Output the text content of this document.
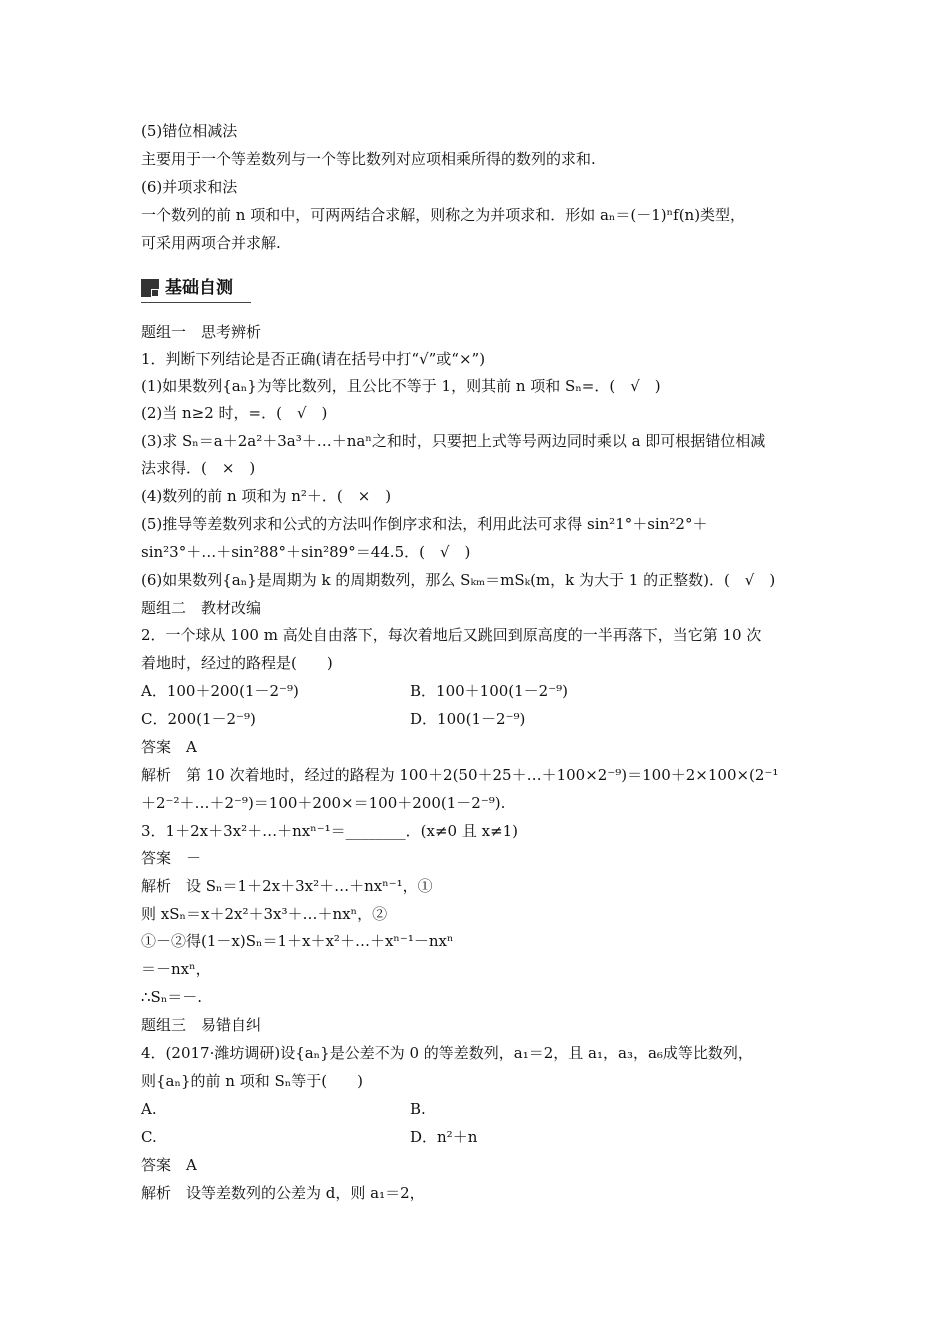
(5)错位相减法
主要用于一个等差数列与一个等比数列对应项相乘所得的数列的求和.
(6)并项求和法
一个数列的前 n 项和中，可两两结合求解，则称之为并项求和．形如 aₙ＝(－1)ⁿf(n)类型，
可采用两项合并求解.
基础自测
题组一　思考辨析
1．判断下列结论是否正确(请在括号中打“√”或“×”)
(1)如果数列{aₙ}为等比数列，且公比不等于 1，则其前 n 项和 Sₙ=．(　√　)
(2)当 n≥2 时，=．(　√　)
(3)求 Sₙ＝a＋2a²＋3a³＋…＋naⁿ之和时，只要把上式等号两边同时乘以 a 即可根据错位相减
法求得．(　×　)
(4)数列的前 n 项和为 n²＋．(　×　)
(5)推导等差数列求和公式的方法叫作倒序求和法，利用此法可求得 sin²1°＋sin²2°＋
sin²3°＋…＋sin²88°＋sin²89°＝44.5．(　√　)
(6)如果数列{aₙ}是周期为 k 的周期数列，那么 Sₖₘ＝mSₖ(m，k 为大于 1 的正整数)．(　√　)
题组二　教材改编
2．一个球从 100 m 高处自由落下，每次着地后又跳回到原高度的一半再落下，当它第 10 次
着地时，经过的路程是(　　)
A．100＋200(1－2⁻⁹)	B．100＋100(1－2⁻⁹)
C．200(1－2⁻⁹)	D．100(1－2⁻⁹)
答案　A
解析　第 10 次着地时，经过的路程为 100＋2(50＋25＋…＋100×2⁻⁹)＝100＋2×100×(2⁻¹
＋2⁻²＋…＋2⁻⁹)＝100＋200×＝100＋200(1－2⁻⁹).
3．1＋2x＋3x²＋…＋nxⁿ⁻¹＝________．(x≠0 且 x≠1)
答案　－
解析　设 Sₙ＝1＋2x＋3x²＋…＋nxⁿ⁻¹，①
则 xSₙ＝x＋2x²＋3x³＋…＋nxⁿ，②
①－②得(1－x)Sₙ＝1＋x＋x²＋…＋xⁿ⁻¹－nxⁿ
＝－nxⁿ，
∴Sₙ＝－.
题组三　易错自纠
4．(2017·潍坊调研)设{aₙ}是公差不为 0 的等差数列，a₁＝2，且 a₁，a₃，a₆成等比数列，
则{aₙ}的前 n 项和 Sₙ等于(　　)
A.	B.
C.	D．n²＋n
答案　A
解析　设等差数列的公差为 d，则 a₁＝2，
